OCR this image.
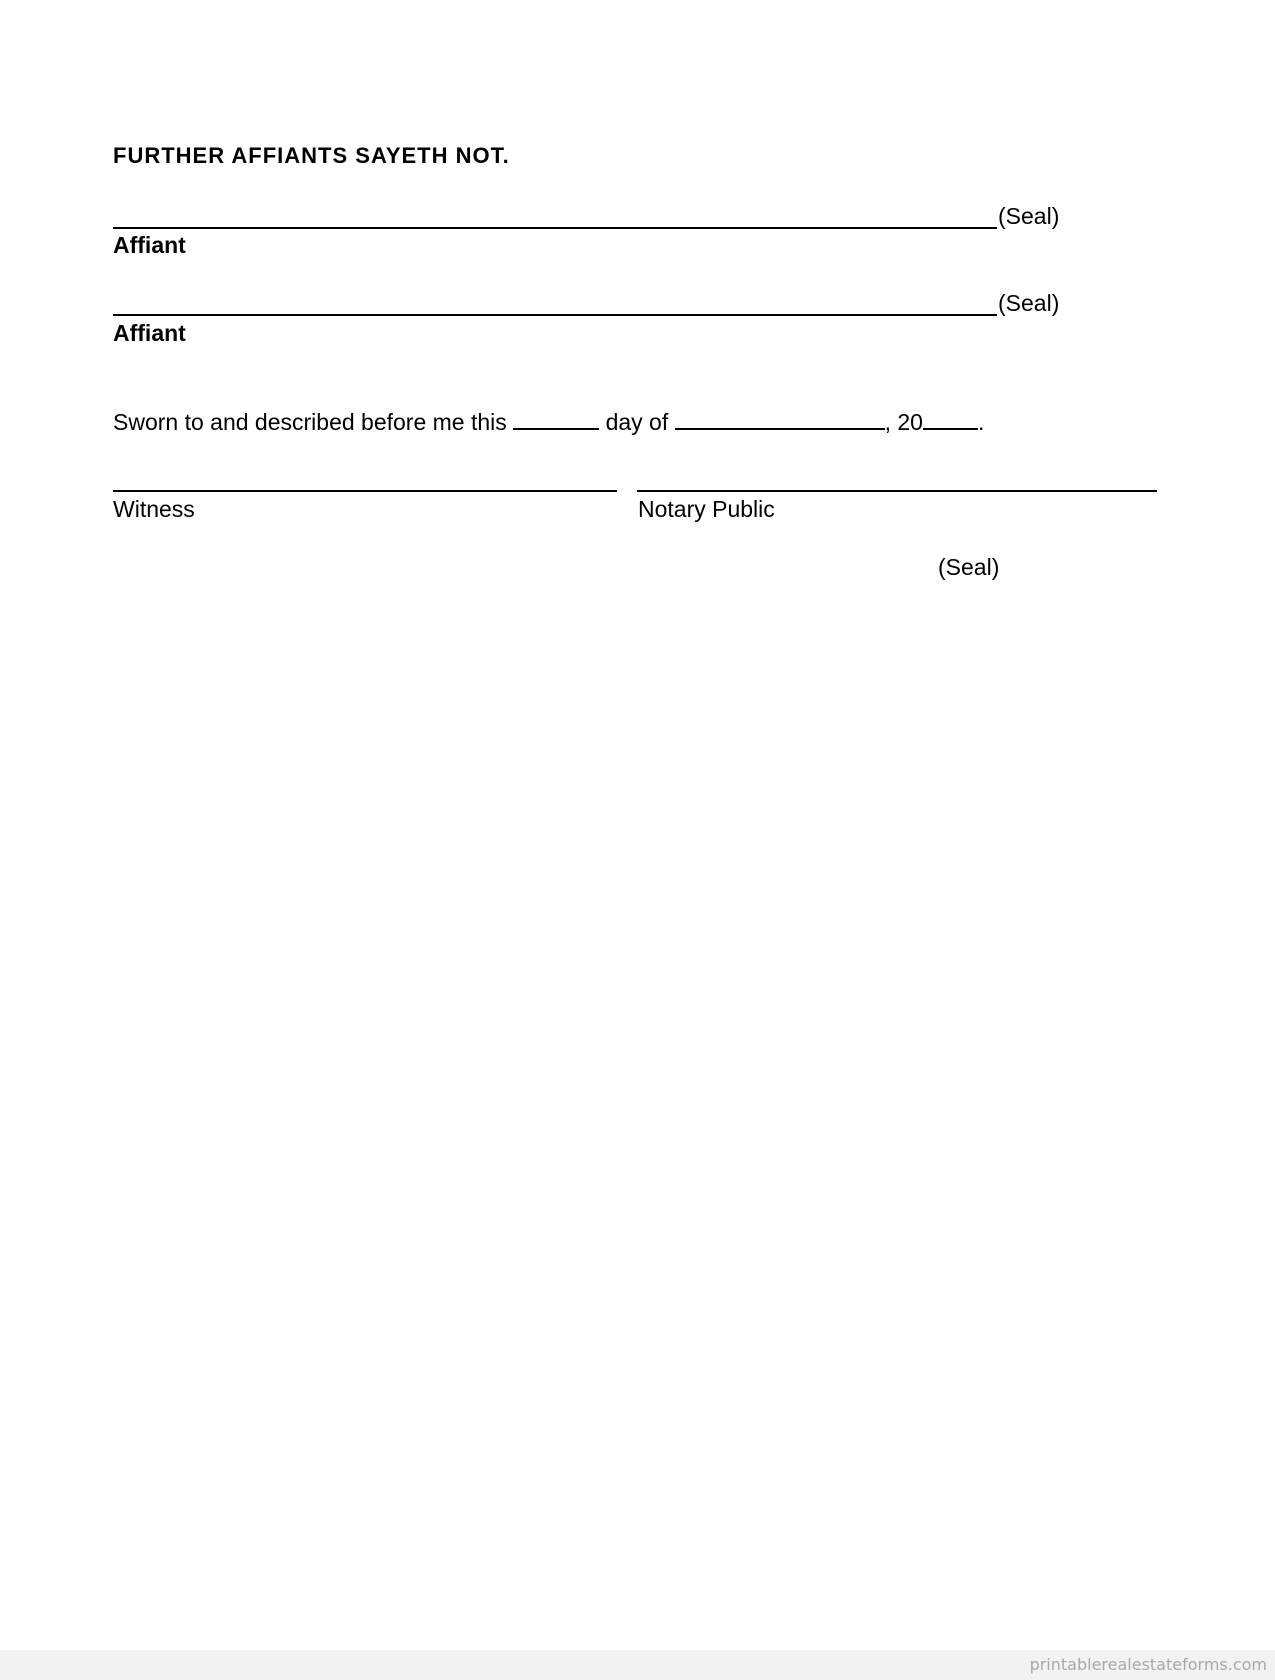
FURTHER AFFIANTS SAYETH NOT.
(Seal)
Affiant
(Seal)
Affiant
Sworn to and described before me this	day of	, 20 .
Witness	Notary Public
(Seal)
printablerealestateforms.com
